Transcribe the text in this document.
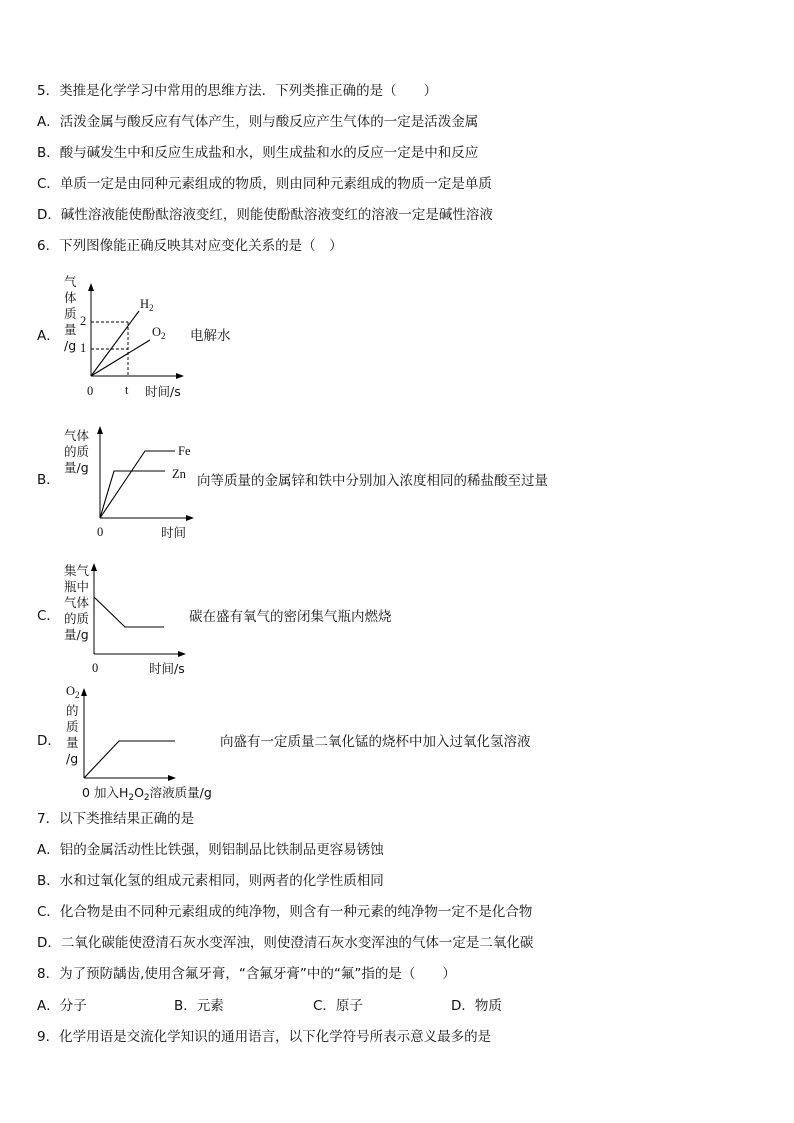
5．类推是化学学习中常用的思维方法．下列类推正确的是（　　）
A．活泼金属与酸反应有气体产生，则与酸反应产生气体的一定是活泼金属
B．酸与碱发生中和反应生成盐和水，则生成盐和水的反应一定是中和反应
C．单质一定是由同种元素组成的物质，则由同种元素组成的物质一定是单质
D．碱性溶液能使酚酞溶液变红，则能使酚酞溶液变红的溶液一定是碱性溶液
6．下列图像能正确反映其对应变化关系的是（　）
A．
气
体
质
量
/g
2
1
0	t 时间/s
$H_2$
$O_2$ 电解水
B．
气体
的质
量/g
Fe
Zn
0	时间
向等质量的金属锌和铁中分别加入浓度相同的稀盐酸至过量
C．
集气
瓶中
气体
的质
量/g
0	时间/s
碳在盛有氧气的密闭集气瓶内燃烧
D．
$O_2$
的
质
量
/g
0 加入$H_2O_2$溶液质量/g
向盛有一定质量二氧化锰的烧杯中加入过氧化氢溶液
7．以下类推结果正确的是
A．铝的金属活动性比铁强，则铝制品比铁制品更容易锈蚀
B．水和过氧化氢的组成元素相同，则两者的化学性质相同
C．化合物是由不同种元素组成的纯净物，则含有一种元素的纯净物一定不是化合物
D．二氧化碳能使澄清石灰水变浑浊，则使澄清石灰水变浑浊的气体一定是二氧化碳
8．为了预防龋齿,使用含氟牙膏，“含氟牙膏”中的“氟”指的是（　　）
A．分子	B．元素	C．原子	D．物质
9．化学用语是交流化学知识的通用语言，以下化学符号所表示意义最多的是
